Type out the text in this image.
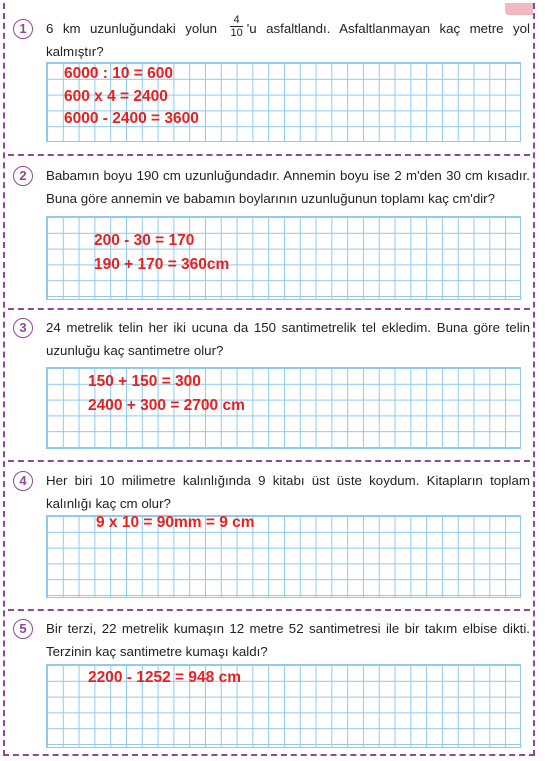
1	6 km uzunluğundaki yolun $\frac{4}{10}$ 'u asfaltlandı. Asfaltlanmayan kaç metre yol kalmıştır?
6000 : 10 = 600
600 x 4 = 2400
6000 - 2400 = 3600
2	Babamın boyu 190 cm uzunluğundadır. Annemin boyu ise 2 m'den 30 cm kısadır. Buna göre annemin ve babamın boylarının uzunluğunun toplamı kaç cm'dir?
200 - 30 = 170
190 + 170 = 360cm
3	24 metrelik telin her iki ucuna da 150 santimetrelik tel ekledim. Buna göre telin uzunluğu kaç santimetre olur?
150 + 150 = 300
2400 + 300 = 2700 cm
4	Her biri 10 milimetre kalınlığında 9 kitabı üst üste koydum. Kitapların toplam kalınlığı kaç cm olur?
9 x 10 = 90mm = 9 cm
5	Bir terzi, 22 metrelik kumaşın 12 metre 52 santimetresi ile bir takım elbise dikti. Terzinin kaç santimetre kumaşı kaldı?
2200 - 1252 = 948 cm
